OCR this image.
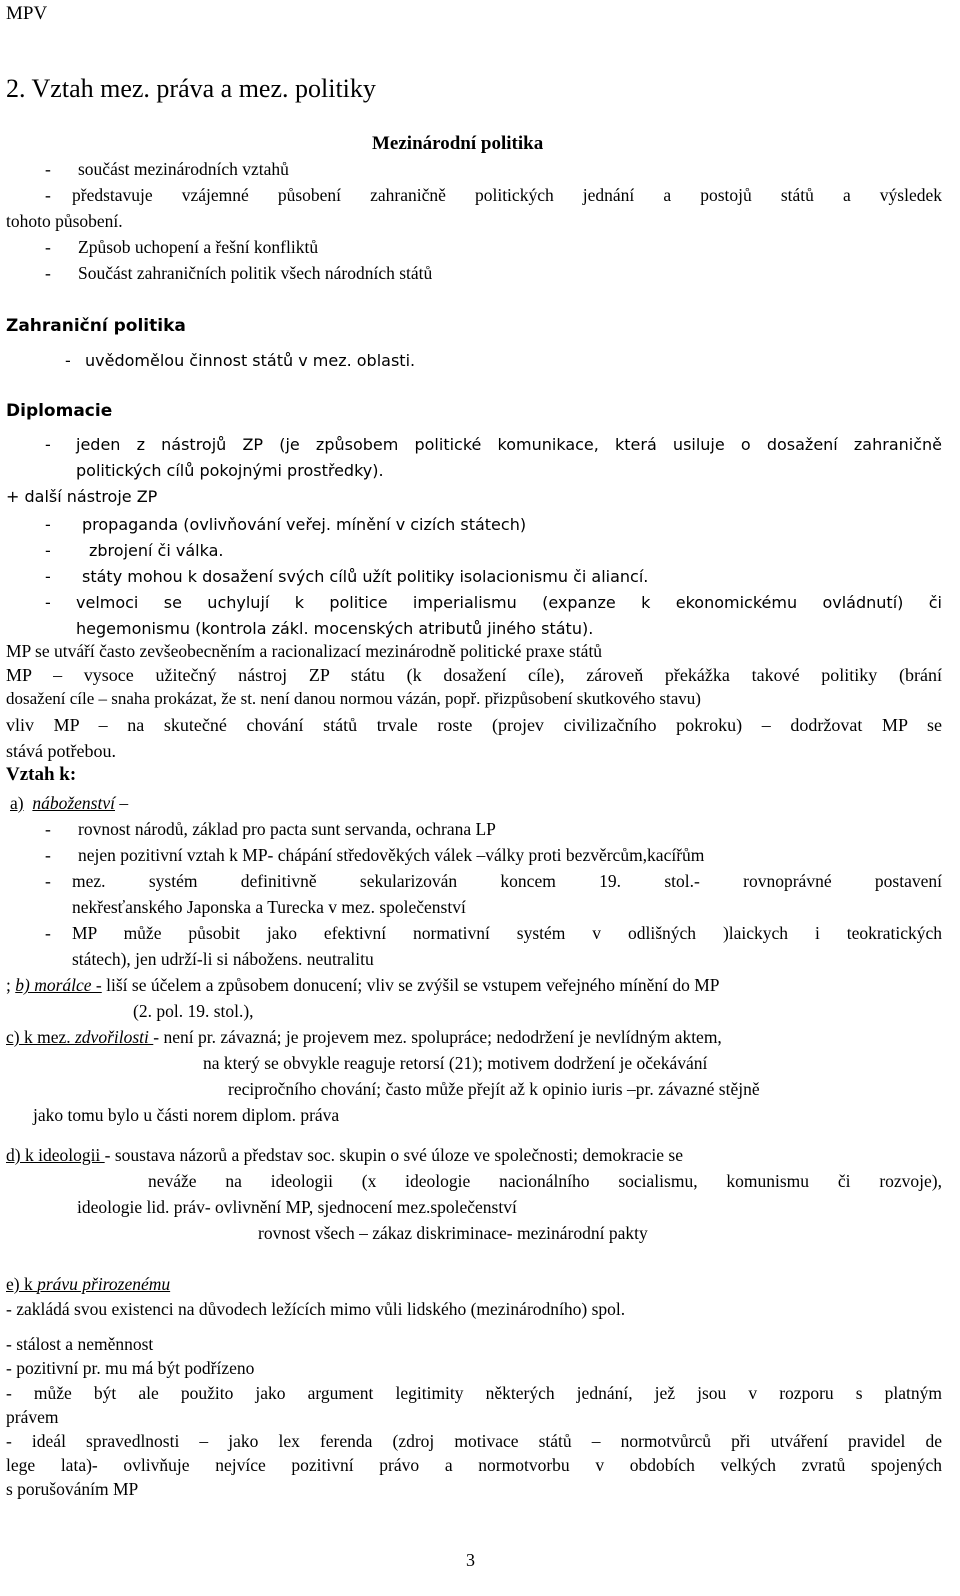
MPV
2. Vztah mez. práva a mez. politiky
Mezinárodní politika
- součást mezinárodních vztahů
představuje vzájemné působení zahraničně politických jednání a postojů států a výsledek
-
tohoto působení.
- Způsob uchopení a řešní konfliktů
- Součást zahraničních politik všech národních států
Zahraniční politika
- uvědomělou činnost států v mez. oblasti.
Diplomacie
- jeden z nástrojů ZP (je způsobem politické komunikace, která usiluje o dosažení zahraničně
politických cílů pokojnými prostředky).
+ další nástroje ZP
- propaganda (ovlivňování veřej. mínění v cizích státech)
- zbrojení či válka.
- státy mohou k dosažení svých cílů užít politiky isolacionismu či aliancí.
- velmoci se uchylují k politice imperialismu (expanze k ekonomickému ovládnutí) či
hegemonismu (kontrola zákl. mocenských atributů jiného státu).
MP se utváří často zevšeobecněním a racionalizací mezinárodně politické praxe států
MP – vysoce užitečný nástroj ZP státu (k dosažení cíle), zároveň překážka takové politiky (brání
dosažení cíle – snaha prokázat, že st. není danou normou vázán, popř. přizpůsobení skutkového stavu)
vliv MP – na skutečné chování států trvale roste (projev civilizačního pokroku) – dodržovat MP se
stává potřebou.
Vztah k:
a) náboženství –
- rovnost národů, základ pro pacta sunt servanda, ochrana LP
- nejen pozitivní vztah k MP- chápání středověkých válek –války proti bezvěrcům,kacířům
- mez. systém definitivně sekularizován koncem 19. stol.- rovnoprávné postavení
nekřesťanského Japonska a Turecka v mez. společenství
- MP může působit jako efektivní normativní systém v odlišných )laickych i teokratických
státech), jen udrží-li si nábožens. neutralitu
; b) morálce - liší se účelem a způsobem donucení; vliv se zvýšil se vstupem veřejného mínění do MP
(2. pol. 19. stol.),
c) k mez. zdvořilosti - není pr. závazná; je projevem mez. spolupráce; nedodržení je nevlídným aktem,
na který se obvykle reaguje retorsí (21); motivem dodržení je očekávání
recipročního chování; často může přejít až k opinio iuris –pr. závazné stějně
jako tomu bylo u části norem diplom. práva
d) k ideologii - soustava názorů a představ soc. skupin o své úloze ve společnosti; demokracie se
neváže na ideologii (x ideologie nacionálního socialismu, komunismu či rozvoje),
ideologie lid. práv- ovlivnění MP, sjednocení mez.společenství
rovnost všech – zákaz diskriminace- mezinárodní pakty
e) k právu přirozenému
- zakládá svou existenci na důvodech ležících mimo vůli lidského (mezinárodního) spol.
- stálost a neměnnost
- pozitivní pr. mu má být podřízeno
- může být ale použito jako argument legitimity některých jednání, jež jsou v rozporu s platným
právem
- ideál spravedlnosti – jako lex ferenda (zdroj motivace států – normotvůrců při utváření pravidel de
lege lata)- ovlivňuje nejvíce pozitivní právo a normotvorbu v obdobích velkých zvratů spojených
s porušováním MP
3
